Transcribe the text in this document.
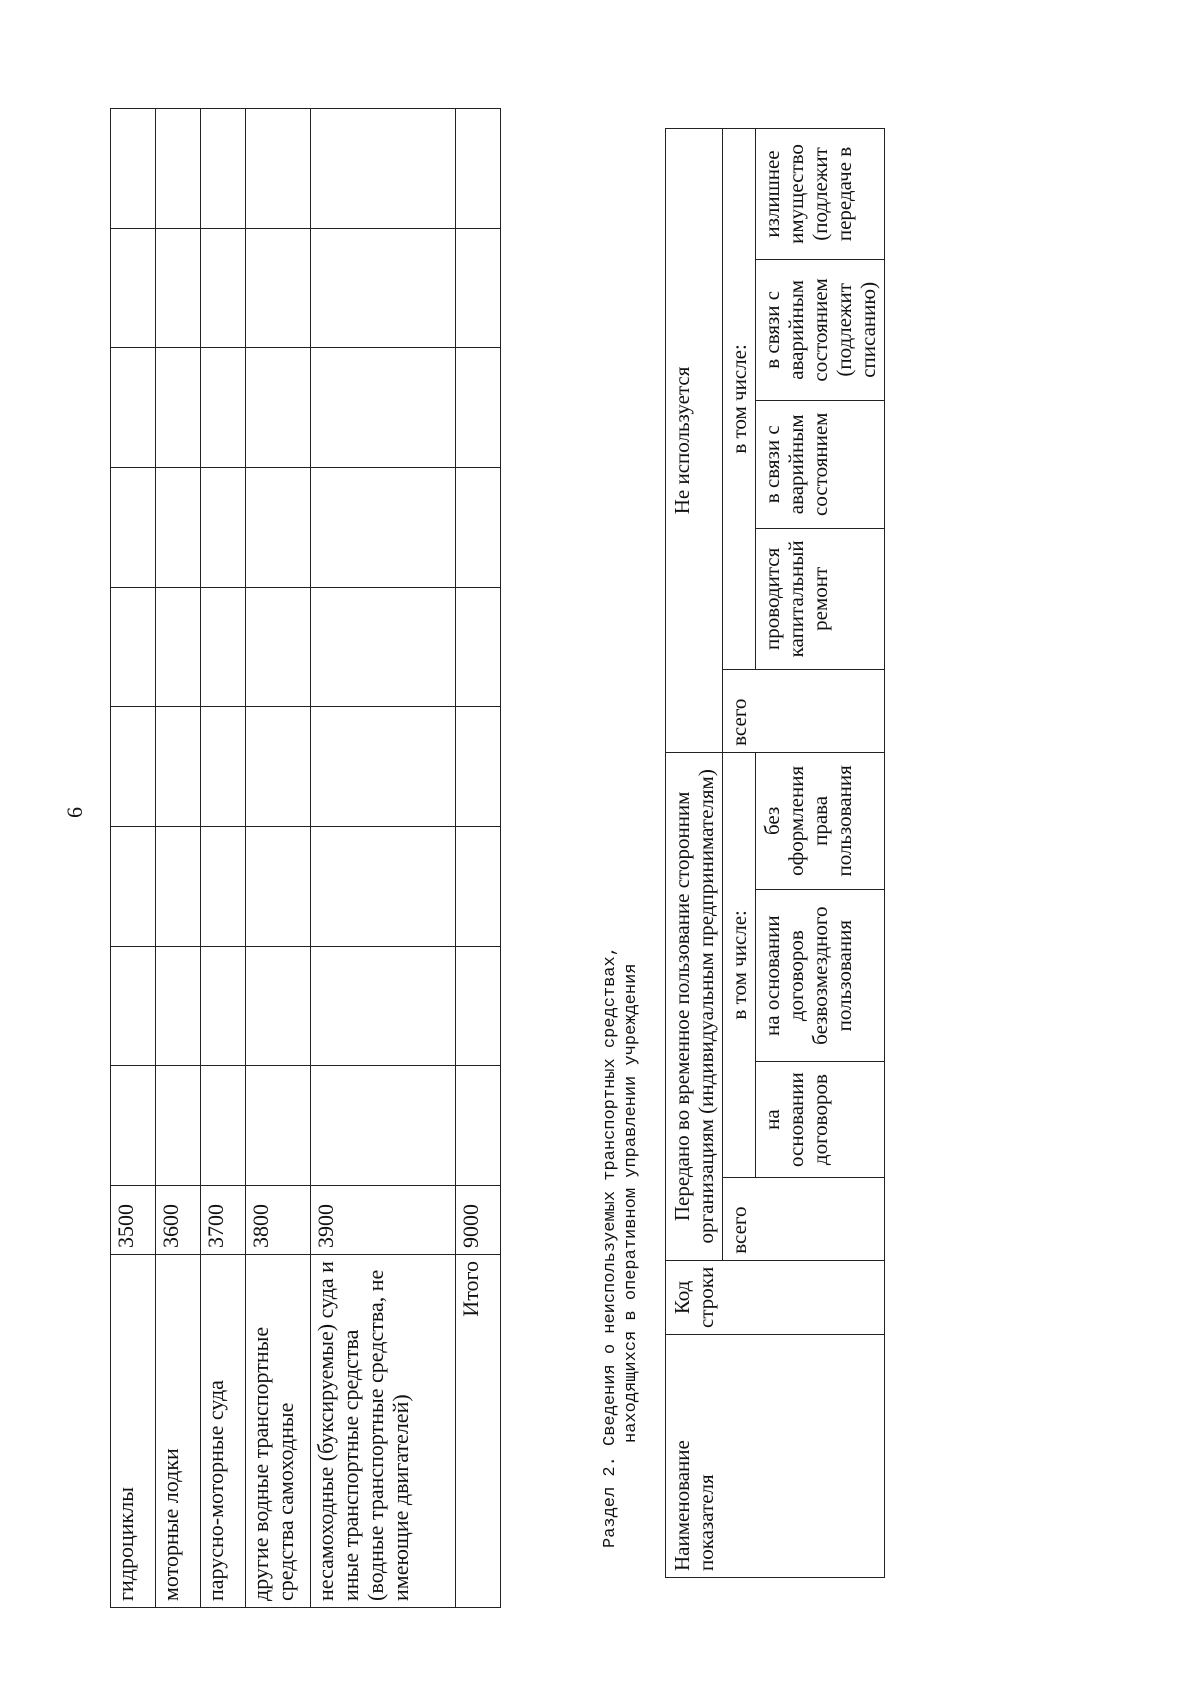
6
гидроциклы	3500									
моторные лодки	3600									
парусно-моторные суда	3700									
другие водные транспортные средства самоходные	3800									
несамоходные (буксируемые) суда и иные транспортные средства (водные транспортные средства, не имеющие двигателей)	3900									
Итого	9000										Раздел 2. Сведения о неиспользуемых транспортных средствах, находящихся в оперативном управлении учреждения
Наименование показателя	Код строки	Передано во временное пользование сторонним организациям (индивидуальным предпринимателям)				Не используется				
		всего	в том числе:			всего	в том числе:			
			на основании договоров	на основании договоров безвозмездного пользования	без оформления права пользования		проводится капитальный ремонт	в связи с аварийным состоянием	в связи с аварийным состоянием (подлежит списанию)	излишнее имущество (подлежит передаче в
